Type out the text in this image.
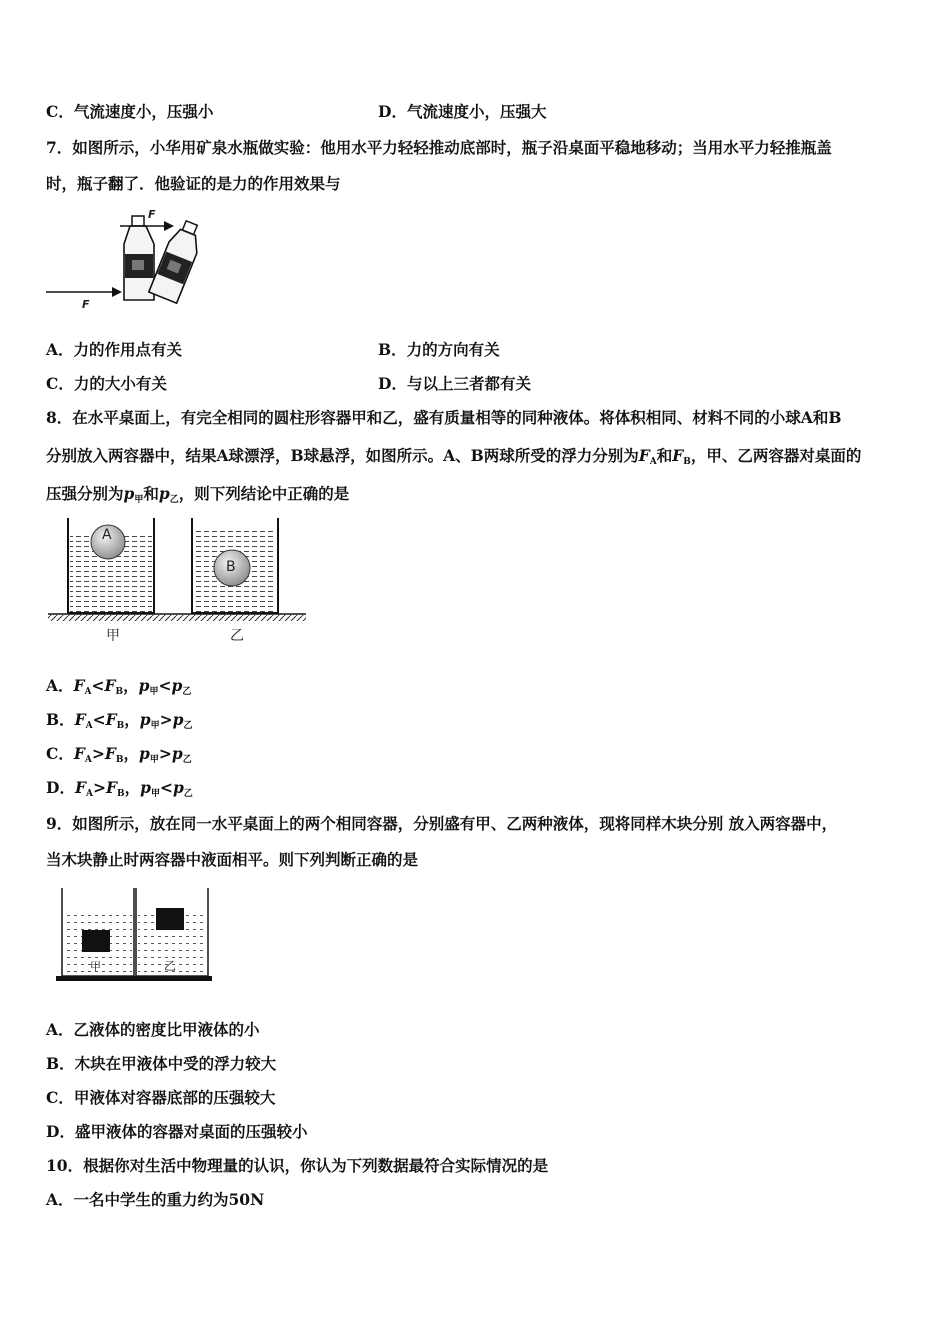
C．气流速度小，压强小	D．气流速度小，压强大
7．如图所示，小华用矿泉水瓶做实验：他用水平力轻轻推动底部时，瓶子沿桌面平稳地移动；当用水平力轻推瓶盖
时，瓶子翻了．他验证的是力的作用效果与
F
F
A．力的作用点有关	B．力的方向有关
C．力的大小有关	D．与以上三者都有关
8．在水平桌面上，有完全相同的圆柱形容器甲和乙，盛有质量相等的同种液体。将体积相同、材料不同的小球A和B
分别放入两容器中，结果A球漂浮，B球悬浮，如图所示。A、B两球所受的浮力分别为$F_A$和$F_B$，甲、乙两容器对桌面的
压强分别为$p_甲$和$p_乙$，则下列结论中正确的是
A
B
甲	乙
A．$F_A<F_B$，$p_甲<p_乙$
B．$F_A<F_B$，$p_甲>p_乙$
C．$F_A>F_B$，$p_甲>p_乙$
D．$F_A>F_B$，$p_甲<p_乙$
9．如图所示，放在同一水平桌面上的两个相同容器，分别盛有甲、乙两种液体，现将同样木块分别 放入两容器中，
当木块静止时两容器中液面相平。则下列判断正确的是
甲	乙
A．乙液体的密度比甲液体的小
B．木块在甲液体中受的浮力较大
C．甲液体对容器底部的压强较大
D．盛甲液体的容器对桌面的压强较小
10．根据你对生活中物理量的认识，你认为下列数据最符合实际情况的是
A．一名中学生的重力约为50N
